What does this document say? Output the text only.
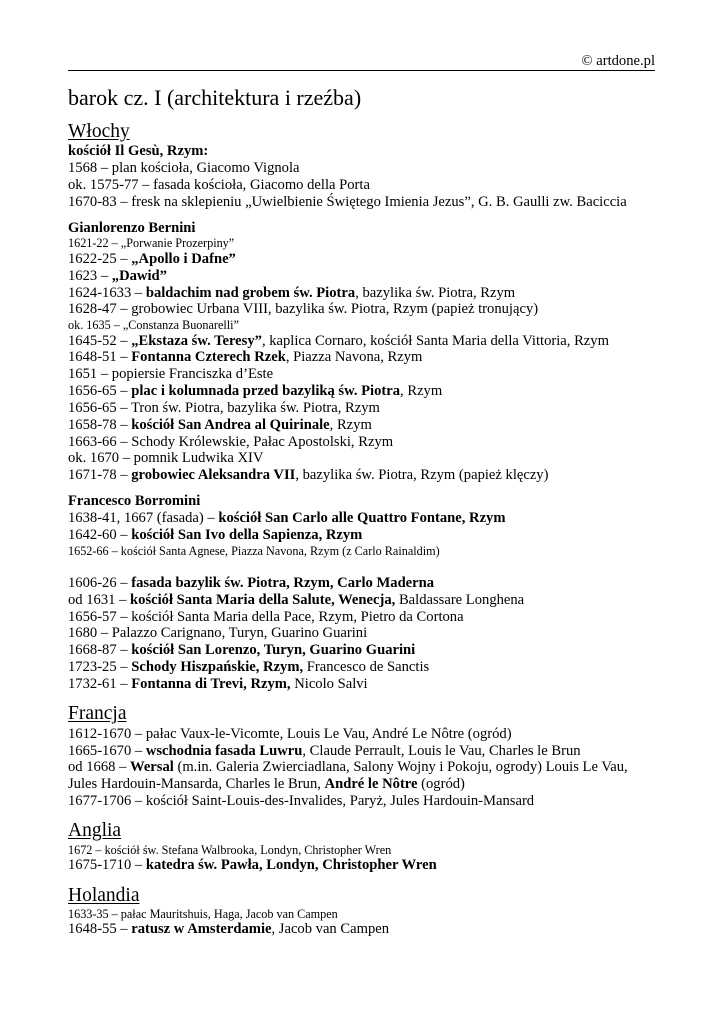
© artdone.pl
barok cz. I (architektura i rzeźba)
Włochy
kościół Il Gesù, Rzym:
1568 – plan kościoła, Giacomo Vignola
ok. 1575-77 – fasada kościoła, Giacomo della Porta
1670-83 – fresk na sklepieniu „Uwielbienie Świętego Imienia Jezus”, G. B. Gaulli zw. Baciccia
Gianlorenzo Bernini
1621-22 – „Porwanie Prozerpiny”
1622-25 – „Apollo i Dafne”
1623 – „Dawid”
1624-1633 – baldachim nad grobem św. Piotra, bazylika św. Piotra, Rzym
1628-47 – grobowiec Urbana VIII, bazylika św. Piotra, Rzym (papież tronujący)
ok. 1635 – „Constanza Buonarelli”
1645-52 – „Ekstaza św. Teresy”, kaplica Cornaro, kościół Santa Maria della Vittoria, Rzym
1648-51 – Fontanna Czterech Rzek, Piazza Navona, Rzym
1651 – popiersie Franciszka d’Este
1656-65 – plac i kolumnada przed bazyliką św. Piotra, Rzym
1656-65 – Tron św. Piotra, bazylika św. Piotra, Rzym
1658-78 – kościół San Andrea al Quirinale, Rzym
1663-66 – Schody Królewskie, Pałac Apostolski, Rzym
ok. 1670 – pomnik Ludwika XIV
1671-78 – grobowiec Aleksandra VII, bazylika św. Piotra, Rzym (papież klęczy)
Francesco Borromini
1638-41, 1667 (fasada) – kościół San Carlo alle Quattro Fontane, Rzym
1642-60 – kościół San Ivo della Sapienza, Rzym
1652-66 – kościół Santa Agnese, Piazza Navona, Rzym (z Carlo Rainaldim)
1606-26 – fasada bazylik św. Piotra, Rzym, Carlo Maderna
od 1631 – kościół Santa Maria della Salute, Wenecja, Baldassare Longhena
1656-57 – kościół Santa Maria della Pace, Rzym, Pietro da Cortona
1680 – Palazzo Carignano, Turyn, Guarino Guarini
1668-87 – kościół San Lorenzo, Turyn, Guarino Guarini
1723-25 – Schody Hiszpańskie, Rzym, Francesco de Sanctis
1732-61 – Fontanna di Trevi, Rzym, Nicolo Salvi
Francja
1612-1670 – pałac Vaux-le-Vicomte, Louis Le Vau, André Le Nôtre (ogród)
1665-1670 – wschodnia fasada Luwru, Claude Perrault, Louis le Vau, Charles le Brun
od 1668 – Wersal (m.in. Galeria Zwierciadlana, Salony Wojny i Pokoju, ogrody) Louis Le Vau,
Jules Hardouin-Mansarda, Charles le Brun, André le Nôtre (ogród)
1677-1706 – kościół Saint-Louis-des-Invalides, Paryż, Jules Hardouin-Mansard
Anglia
1672 – kościół św. Stefana Walbrooka, Londyn, Christopher Wren
1675-1710 – katedra św. Pawła, Londyn, Christopher Wren
Holandia
1633-35 – pałac Mauritshuis, Haga, Jacob van Campen
1648-55 – ratusz w Amsterdamie, Jacob van Campen
